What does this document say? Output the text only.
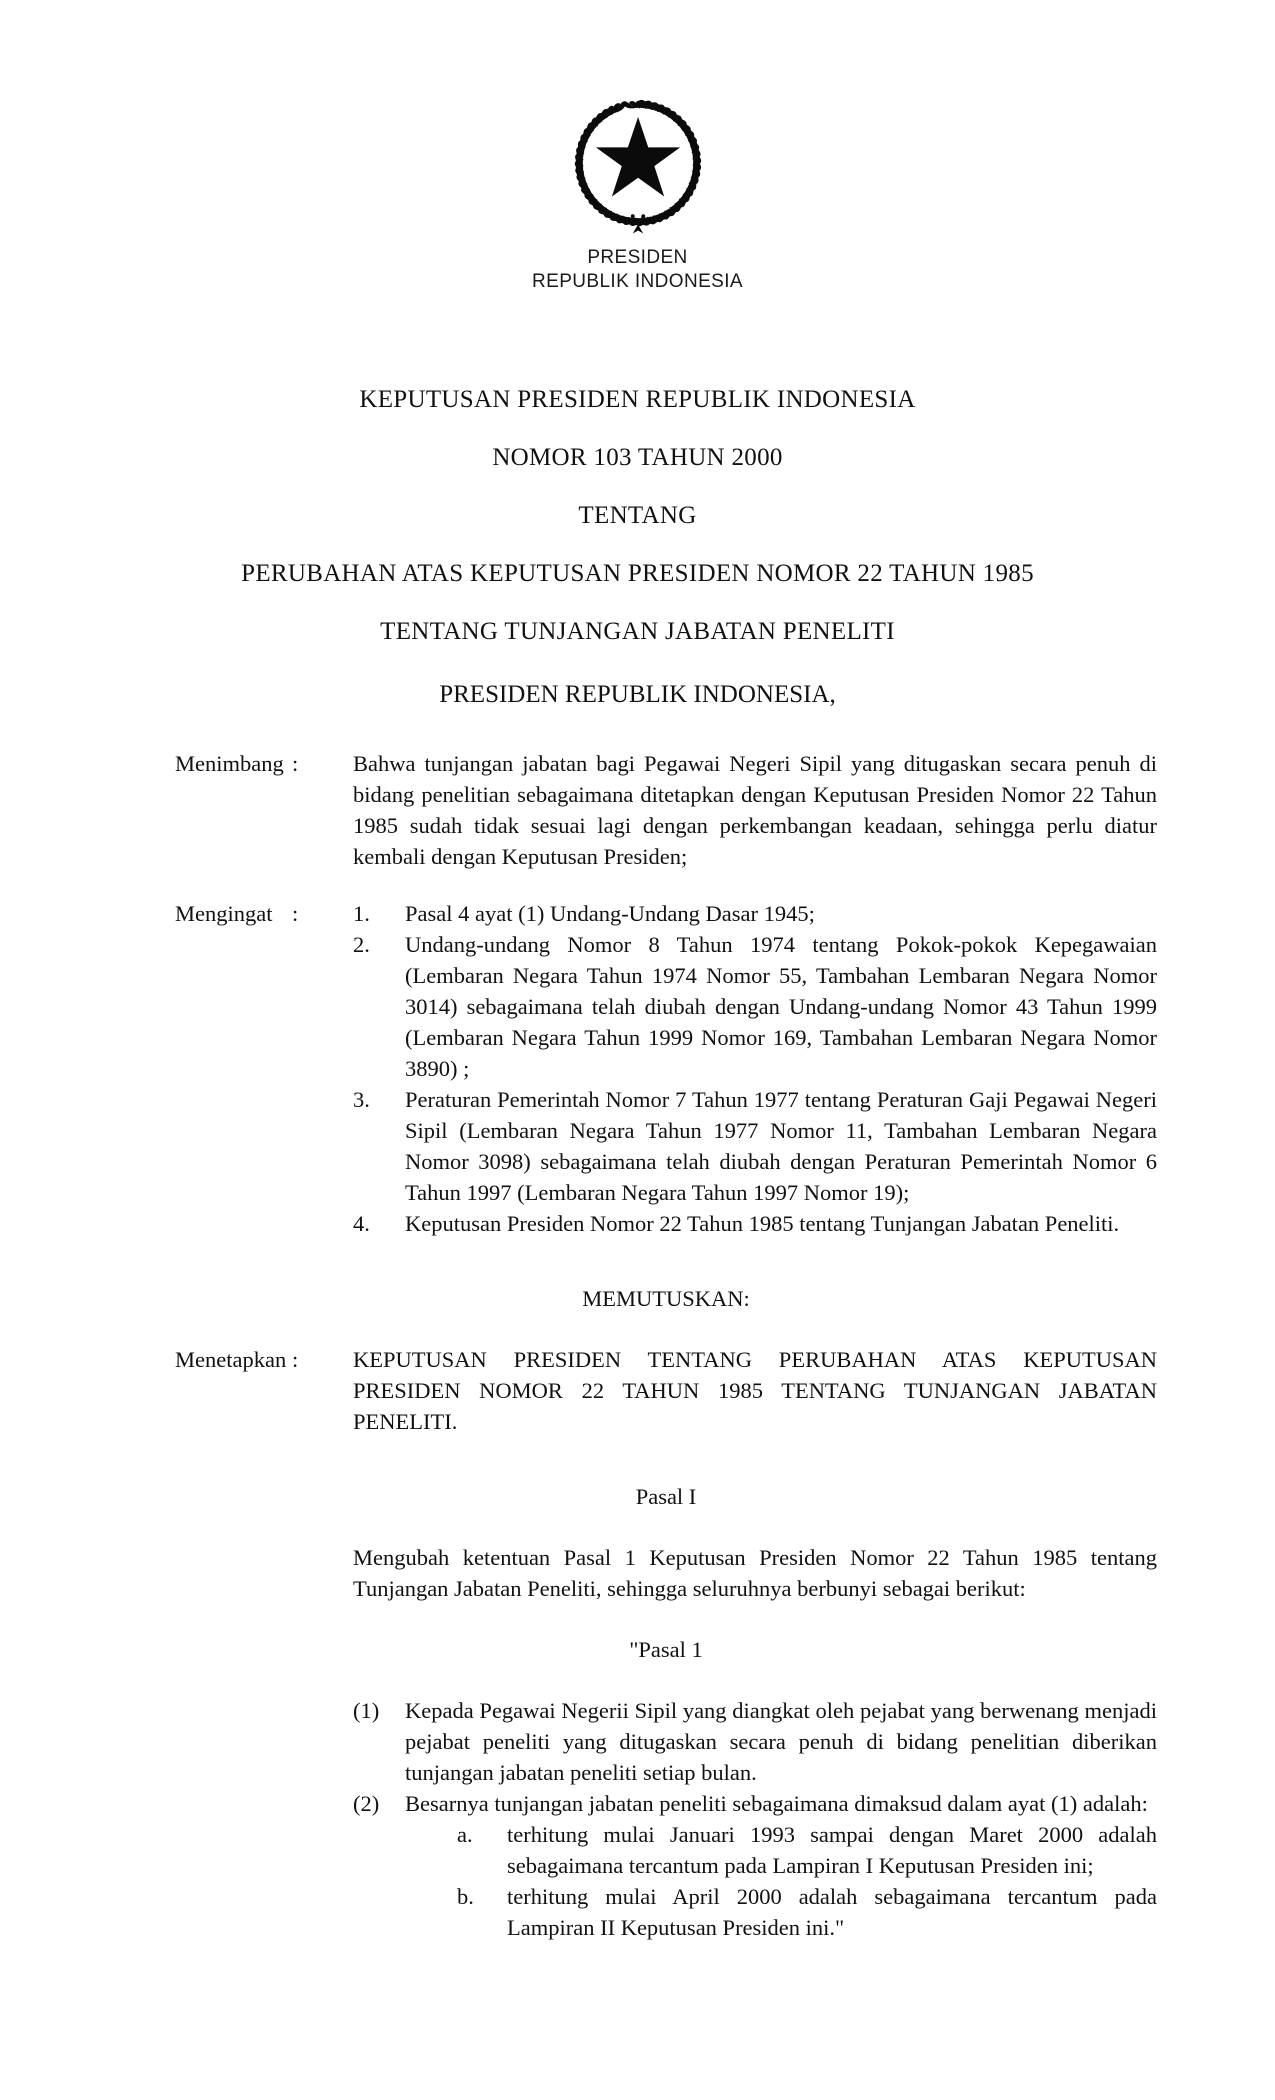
PRESIDEN
REPUBLIK INDONESIA
KEPUTUSAN PRESIDEN REPUBLIK INDONESIA
NOMOR 103 TAHUN 2000
TENTANG
PERUBAHAN ATAS KEPUTUSAN PRESIDEN NOMOR 22 TAHUN 1985
TENTANG TUNJANGAN JABATAN PENELITI
PRESIDEN REPUBLIK INDONESIA,
Menimbang : Bahwa tunjangan jabatan bagi Pegawai Negeri Sipil yang ditugaskan secara penuh di bidang penelitian sebagaimana ditetapkan dengan Keputusan Presiden Nomor 22 Tahun 1985 sudah tidak sesuai lagi dengan perkembangan keadaan, sehingga perlu diatur kembali dengan Keputusan Presiden;

Mengingat : 1.	Pasal 4 ayat (1) Undang-Undang Dasar 1945;
2.	Undang-undang Nomor 8 Tahun 1974 tentang Pokok-pokok Kepegawaian (Lembaran Negara Tahun 1974 Nomor 55, Tambahan Lembaran Negara Nomor 3014) sebagaimana telah diubah dengan Undang-undang Nomor 43 Tahun 1999 (Lembaran Negara Tahun 1999 Nomor 169, Tambahan Lembaran Negara Nomor 3890) ;
3.	Peraturan Pemerintah Nomor 7 Tahun 1977 tentang Peraturan Gaji Pegawai Negeri Sipil (Lembaran Negara Tahun 1977 Nomor 11, Tambahan Lembaran Negara Nomor 3098) sebagaimana telah diubah dengan Peraturan Pemerintah Nomor 6 Tahun 1997 (Lembaran Negara Tahun 1997 Nomor 19);
4.	Keputusan Presiden Nomor 22 Tahun 1985 tentang Tunjangan Jabatan Peneliti.
MEMUTUSKAN:
Menetapkan : KEPUTUSAN PRESIDEN TENTANG PERUBAHAN ATAS KEPUTUSAN PRESIDEN NOMOR 22 TAHUN 1985 TENTANG TUNJANGAN JABATAN PENELITI.

Pasal I

Mengubah ketentuan Pasal 1 Keputusan Presiden Nomor 22 Tahun 1985 tentang Tunjangan Jabatan Peneliti, sehingga seluruhnya berbunyi sebagai berikut:

"Pasal 1
(1)	Kepada Pegawai Negerii Sipil yang diangkat oleh pejabat yang berwenang menjadi pejabat peneliti yang ditugaskan secara penuh di bidang penelitian diberikan tunjangan jabatan peneliti setiap bulan.
(2)	Besarnya tunjangan jabatan peneliti sebagaimana dimaksud dalam ayat (1) adalah:
a.	terhitung mulai Januari 1993 sampai dengan Maret 2000 adalah sebagaimana tercantum pada Lampiran I Keputusan Presiden ini;
b.	terhitung mulai April 2000 adalah sebagaimana tercantum pada Lampiran II Keputusan Presiden ini."
